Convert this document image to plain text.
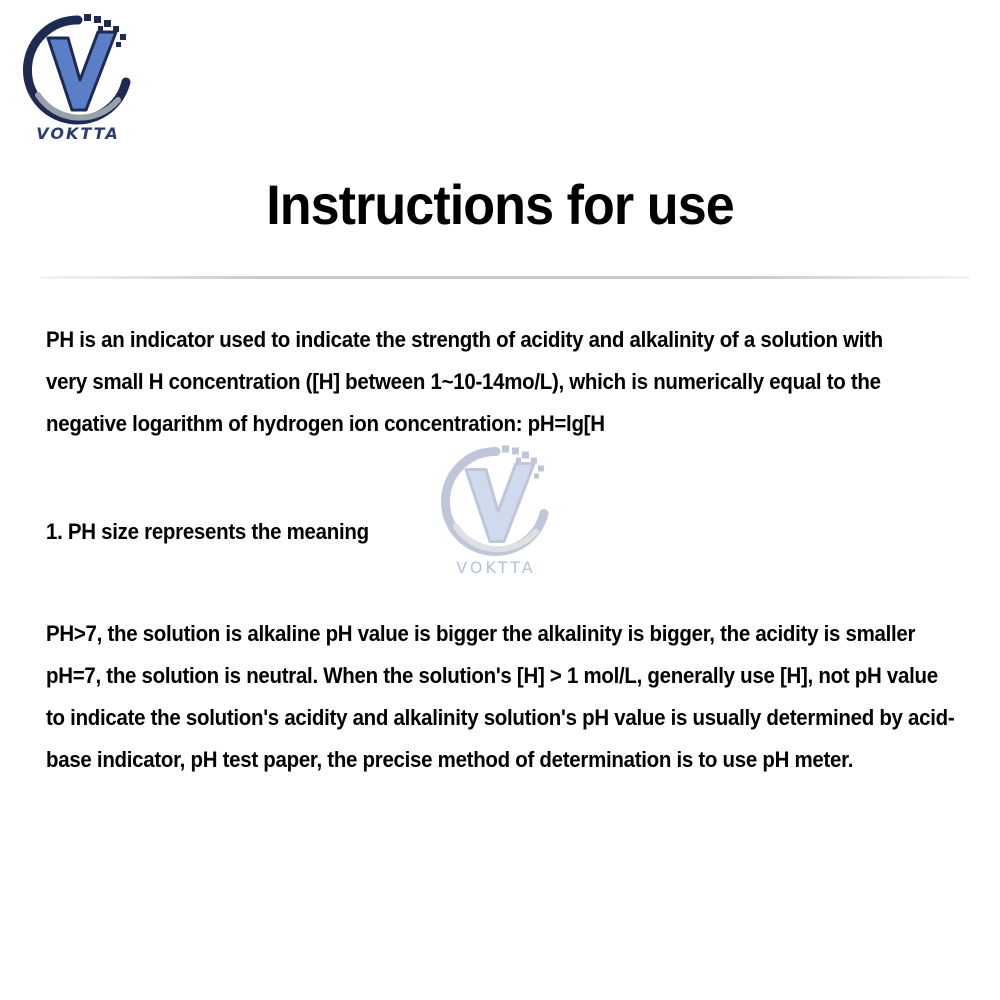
VOKTTA
Instructions for use

PH is an indicator used to indicate the strength of acidity and alkalinity of a solution with very small H concentration ([H] between 1~10-14mo/L), which is numerically equal to the negative logarithm of hydrogen ion concentration: pH=lg[H

VOKTTA

1. PH size represents the meaning

PH>7, the solution is alkaline pH value is bigger the alkalinity is bigger, the acidity is smaller pH=7, the solution is neutral. When the solution's [H] > 1 mol/L, generally use [H], not pH value to indicate the solution's acidity and alkalinity solution's pH value is usually determined by acid-base indicator, pH test paper, the precise method of determination is to use pH meter.
